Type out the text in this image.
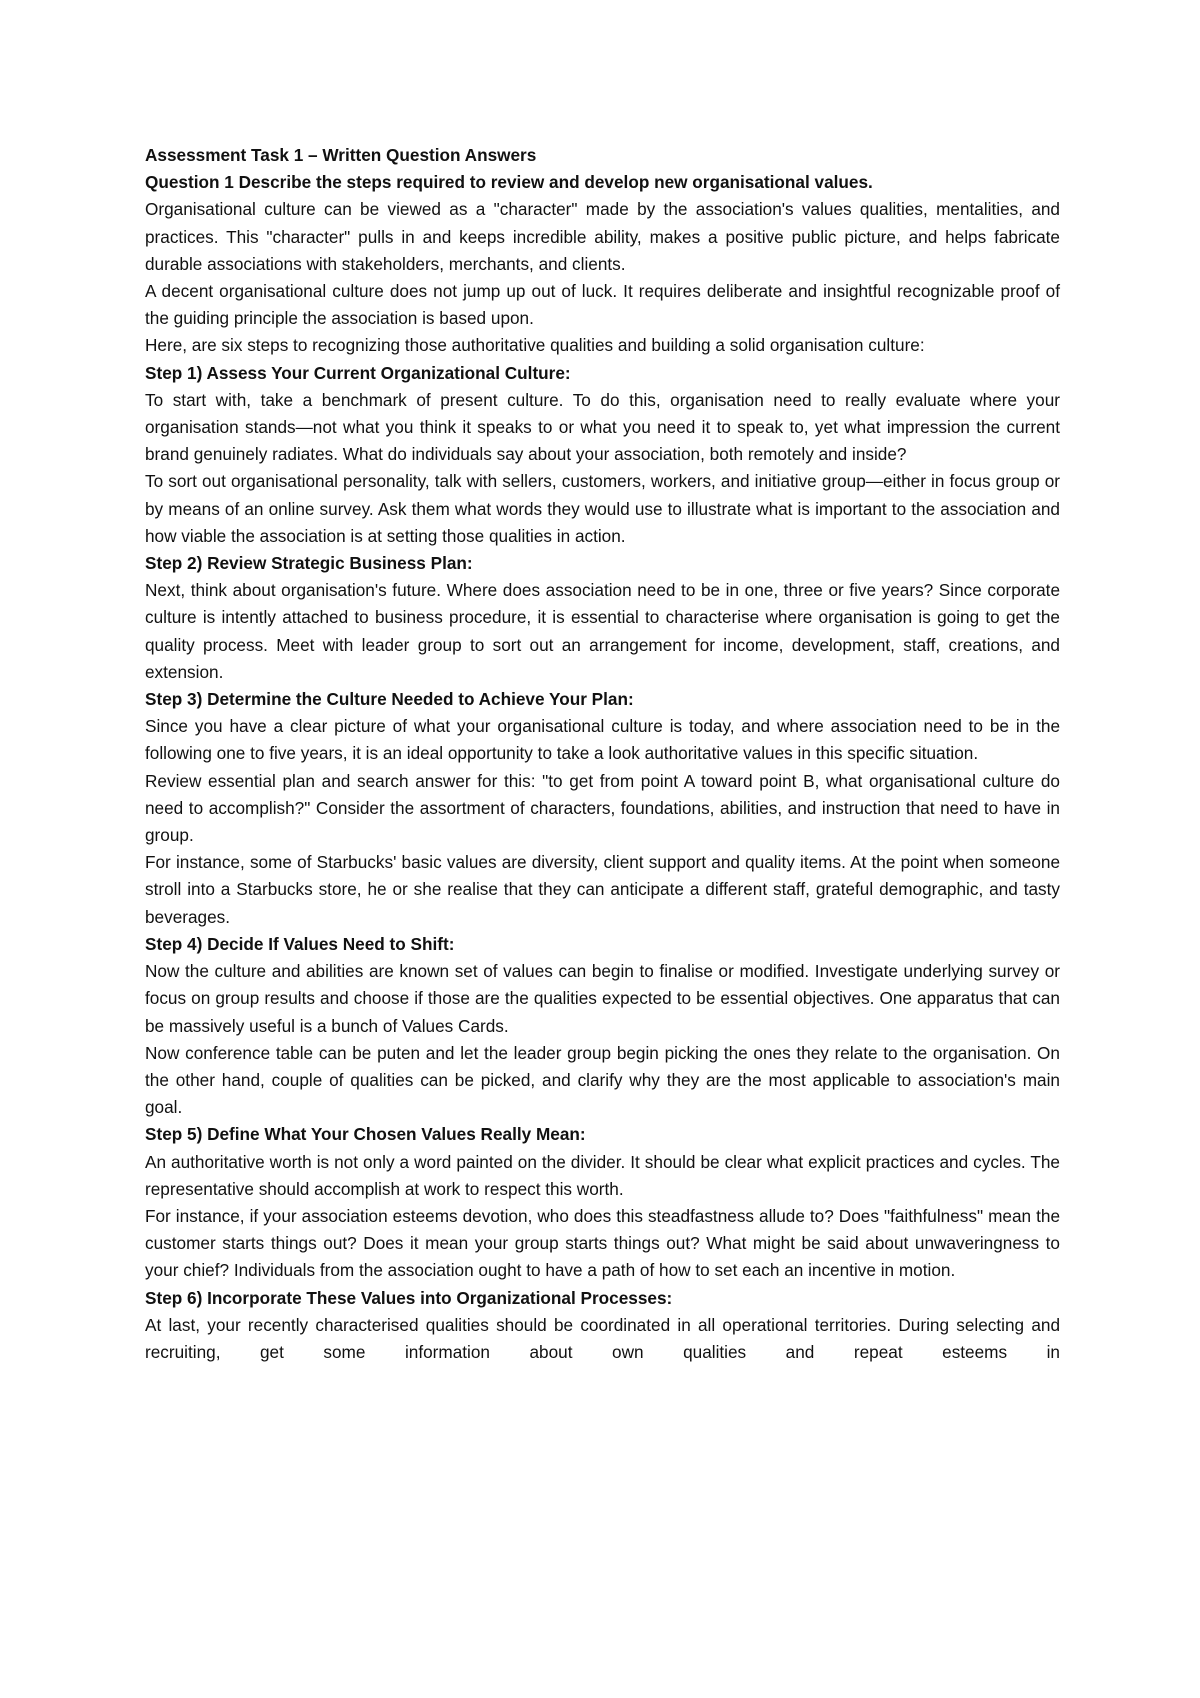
Assessment Task 1 – Written Question Answers

Question 1 Describe the steps required to review and develop new organisational values.

Organisational culture can be viewed as a "character" made by the association's values qualities, mentalities, and practices. This "character" pulls in and keeps incredible ability, makes a positive public picture, and helps fabricate durable associations with stakeholders, merchants, and clients.

A decent organisational culture does not jump up out of luck. It requires deliberate and insightful recognizable proof of the guiding principle the association is based upon.

Here, are six steps to recognizing those authoritative qualities and building a solid organisation culture:

Step 1) Assess Your Current Organizational Culture:

To start with, take a benchmark of present culture. To do this, organisation need to really evaluate where your organisation stands—not what you think it speaks to or what you need it to speak to, yet what impression the current brand genuinely radiates. What do individuals say about your association, both remotely and inside?

To sort out organisational personality, talk with sellers, customers, workers, and initiative group—either in focus group or by means of an online survey. Ask them what words they would use to illustrate what is important to the association and how viable the association is at setting those qualities in action.

Step 2) Review Strategic Business Plan:

Next, think about organisation's future. Where does association need to be in one, three or five years? Since corporate culture is intently attached to business procedure, it is essential to characterise where organisation is going to get the quality process. Meet with leader group to sort out an arrangement for income, development, staff, creations, and extension.

Step 3) Determine the Culture Needed to Achieve Your Plan:

Since you have a clear picture of what your organisational culture is today, and where association need to be in the following one to five years, it is an ideal opportunity to take a look authoritative values in this specific situation.

Review essential plan and search answer for this: "to get from point A toward point B, what organisational culture do need to accomplish?" Consider the assortment of characters, foundations, abilities, and instruction that need to have in group.

For instance, some of Starbucks' basic values are diversity, client support and quality items. At the point when someone stroll into a Starbucks store, he or she realise that they can anticipate a different staff, grateful demographic, and tasty beverages.

Step 4) Decide If Values Need to Shift:

Now the culture and abilities are known set of values can begin to finalise or modified. Investigate underlying survey or focus on group results and choose if those are the qualities expected to be essential objectives. One apparatus that can be massively useful is a bunch of Values Cards.

Now conference table can be puten and let the leader group begin picking the ones they relate to the organisation. On the other hand, couple of qualities can be picked, and clarify why they are the most applicable to association's main goal.

Step 5) Define What Your Chosen Values Really Mean:

An authoritative worth is not only a word painted on the divider. It should be clear what explicit practices and cycles. The representative should accomplish at work to respect this worth.

For instance, if your association esteems devotion, who does this steadfastness allude to? Does "faithfulness" mean the customer starts things out? Does it mean your group starts things out? What might be said about unwaveringness to your chief? Individuals from the association ought to have a path of how to set each an incentive in motion.

Step 6) Incorporate These Values into Organizational Processes:

At last, your recently characterised qualities should be coordinated in all operational territories. During selecting and recruiting, get some information about own qualities and repeat esteems in
